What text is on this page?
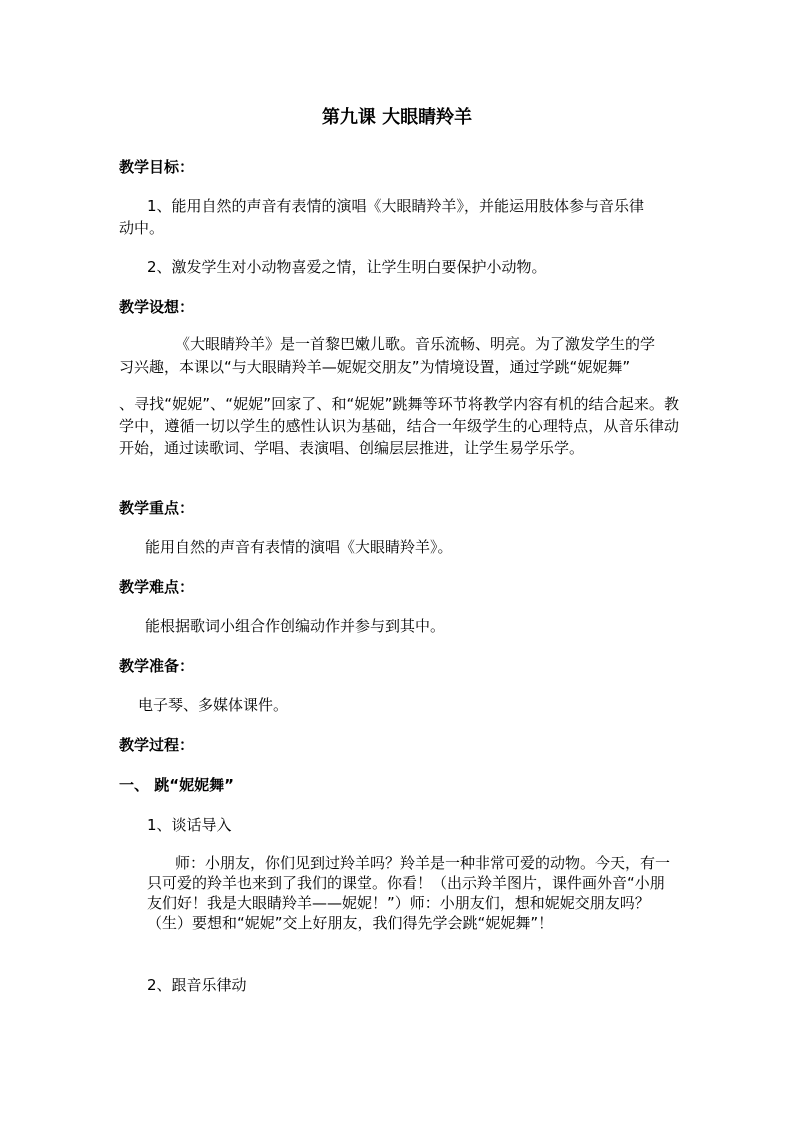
第九课 大眼睛羚羊
教学目标：
1、能用自然的声音有表情的演唱《大眼睛羚羊》，并能运用肢体参与音乐律
动中。
2、激发学生对小动物喜爱之情，让学生明白要保护小动物。
教学设想：
《大眼睛羚羊》是一首黎巴嫩儿歌。音乐流畅、明亮。为了激发学生的学
习兴趣，本课以“与大眼睛羚羊—妮妮交朋友”为情境设置，通过学跳“妮妮舞”
、寻找“妮妮”、“妮妮”回家了、和“妮妮”跳舞等环节将教学内容有机的结合起来。教学中，遵循一切以学生的感性认识为基础，结合一年级学生的心理特点，从音乐律动开始，通过读歌词、学唱、表演唱、创编层层推进，让学生易学乐学。
教学重点：
能用自然的声音有表情的演唱《大眼睛羚羊》。
教学难点：
能根据歌词小组合作创编动作并参与到其中。
教学准备：
电子琴、多媒体课件。
教学过程：
一、 跳“妮妮舞”
1、谈话导入
师：小朋友，你们见到过羚羊吗？羚羊是一种非常可爱的动物。今天，有一只可爱的羚羊也来到了我们的课堂。你看！（出示羚羊图片，课件画外音“小朋友们好！我是大眼睛羚羊——妮妮！”）师：小朋友们，想和妮妮交朋友吗？（生）要想和“妮妮”交上好朋友，我们得先学会跳“妮妮舞”！
2、跟音乐律动
